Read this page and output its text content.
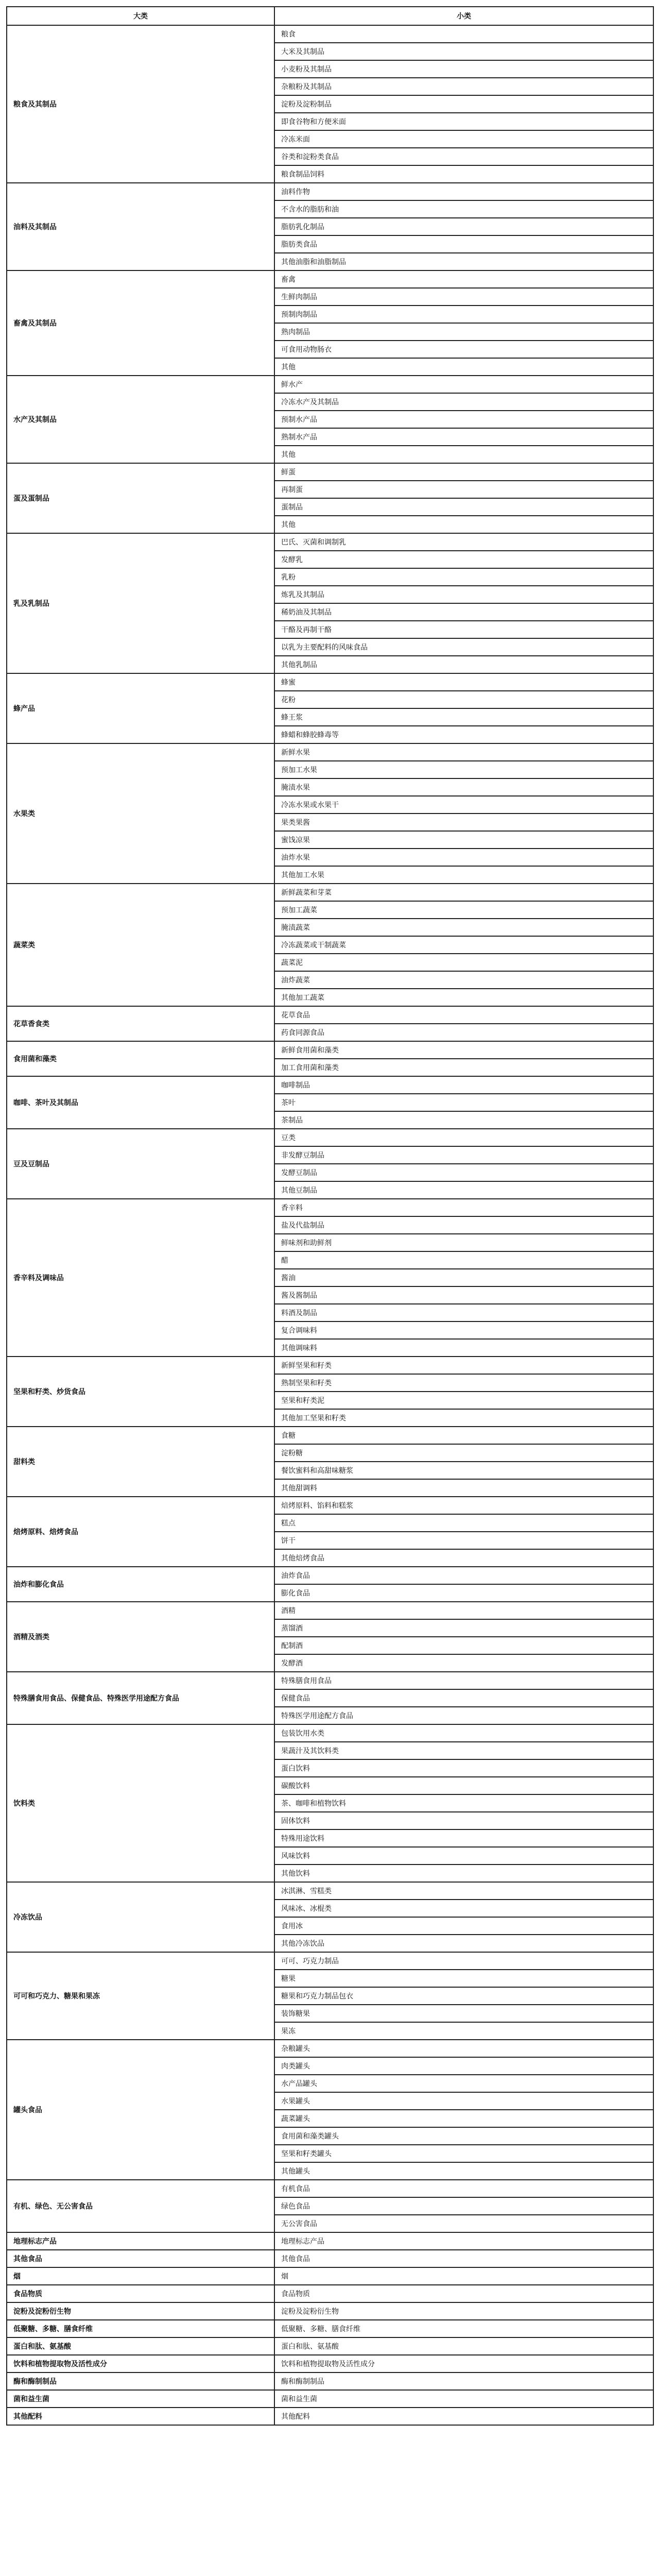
大类	小类
粮食及其制品	粮食
	大米及其制品
	小麦粉及其制品
	杂粮粉及其制品
	淀粉及淀粉制品
	即食谷物和方便米面
	冷冻米面
	谷类和淀粉类食品
	粮食制品饲料
油料及其制品	油料作物
	不含水的脂肪和油
	脂肪乳化制品
	脂肪类食品
	其他油脂和油脂制品
畜禽及其制品	畜禽
	生鲜肉制品
	预制肉制品
	熟肉制品
	可食用动物肠衣
	其他
水产及其制品	鲜水产
	冷冻水产及其制品
	预制水产品
	熟制水产品
	其他
蛋及蛋制品	鲜蛋
	再制蛋
	蛋制品
	其他
乳及乳制品	巴氏、灭菌和调制乳
	发酵乳
	乳粉
	炼乳及其制品
	稀奶油及其制品
	干酪及再制干酪
	以乳为主要配料的风味食品
	其他乳制品
蜂产品	蜂蜜
	花粉
	蜂王浆
	蜂蜡和蜂胶蜂毒等
水果类	新鲜水果
	预加工水果
	腌渍水果
	冷冻水果或水果干
	果类果酱
	蜜饯凉果
	油炸水果
	其他加工水果
蔬菜类	新鲜蔬菜和芽菜
	预加工蔬菜
	腌渍蔬菜
	冷冻蔬菜或干制蔬菜
	蔬菜泥
	油炸蔬菜
	其他加工蔬菜
花草香食类	花草食品
	药食同源食品
食用菌和藻类	新鲜食用菌和藻类
	加工食用菌和藻类
咖啡、茶叶及其制品	咖啡制品
	茶叶
	茶制品
豆及豆制品	豆类
	非发酵豆制品
	发酵豆制品
	其他豆制品
香辛料及调味品	香辛料
	盐及代盐制品
	鲜味剂和助鲜剂
	醋
	酱油
	酱及酱制品
	料酒及制品
	复合调味料
	其他调味料
坚果和籽类、炒货食品	新鲜坚果和籽类
	熟制坚果和籽类
	坚果和籽类泥
	其他加工坚果和籽类
甜料类	食糖
	淀粉糖
	餐饮蜜料和高甜味糖浆
	其他甜调料
焙烤原料、焙烤食品	焙烤原料、馅料和糕浆
	糕点
	饼干
	其他焙烤食品
油炸和膨化食品	油炸食品
	膨化食品
酒精及酒类	酒精
	蒸馏酒
	配制酒
	发酵酒
特殊膳食用食品、保健食品、特殊医学用途配方食品	特殊膳食用食品
	保健食品
	特殊医学用途配方食品
饮料类	包装饮用水类
	果蔬汁及其饮料类
	蛋白饮料
	碳酸饮料
	茶、咖啡和植物饮料
	固体饮料
	特殊用途饮料
	风味饮料
	其他饮料
冷冻饮品	冰淇淋、雪糕类
	风味冰、冰棍类
	食用冰
	其他冷冻饮品
可可和巧克力、糖果和果冻	可可、巧克力制品
	糖果
	糖果和巧克力制品包衣
	装饰糖果
	果冻
罐头食品	杂粮罐头
	肉类罐头
	水产品罐头
	水果罐头
	蔬菜罐头
	食用菌和藻类罐头
	坚果和籽类罐头
	其他罐头
有机、绿色、无公害食品	有机食品
	绿色食品
	无公害食品
地理标志产品	地理标志产品
其他食品	其他食品
烟	烟
食品物质	食品物质
淀粉及淀粉衍生物	淀粉及淀粉衍生物
低聚糖、多糖、膳食纤维	低聚糖、多糖、膳食纤维
蛋白和肽、氨基酸	蛋白和肽、氨基酸
饮料和植物提取物及活性成分	饮料和植物提取物及活性成分
酶和酶制制品	酶和酶制制品
菌和益生菌	菌和益生菌
其他配料	其他配料
